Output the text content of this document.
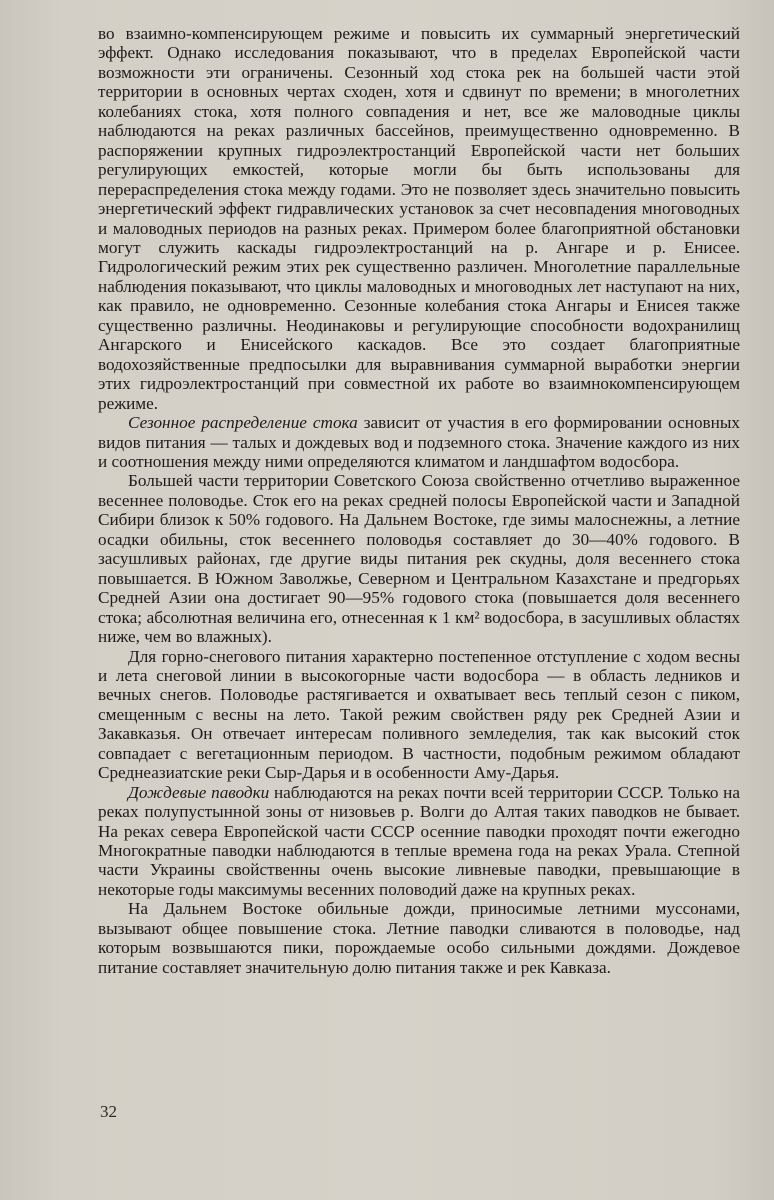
во взаимно-компенсирующем режиме и повысить их суммарный энергетический эффект. Однако исследования показывают, что в пределах Европейской части возможности эти ограничены. Сезонный ход стока рек на большей части этой территории в основных чертах сходен, хотя и сдвинут по времени; в многолетних колебаниях стока, хотя полного совпадения и нет, все же маловодные циклы наблюдаются на реках различных бассейнов, преимущественно одновременно. В распоряжении крупных гидроэлектростанций Европейской части нет больших регулирующих емкостей, которые могли бы быть использованы для перераспределения стока между годами. Это не позволяет здесь значительно повысить энергетический эффект гидравлических установок за счет несовпадения многоводных и маловодных периодов на разных реках. Примером более благоприятной обстановки могут служить каскады гидроэлектростанций на р. Ангаре и р. Енисее. Гидрологический режим этих рек существенно различен. Многолетние параллельные наблюдения показывают, что циклы маловодных и многоводных лет наступают на них, как правило, не одновременно. Сезонные колебания стока Ангары и Енисея также существенно различны. Неодинаковы и регулирующие способности водохранилищ Ангарского и Енисейского каскадов. Все это создает благоприятные водохозяйственные предпосылки для выравнивания суммарной выработки энергии этих гидроэлектростанций при совместной их работе во взаимнокомпенсирующем режиме.

Сезонное распределение стока зависит от участия в его формировании основных видов питания — талых и дождевых вод и подземного стока. Значение каждого из них и соотношения между ними определяются климатом и ландшафтом водосбора.

Большей части территории Советского Союза свойственно отчетливо выраженное весеннее половодье. Сток его на реках средней полосы Европейской части и Западной Сибири близок к 50% годового. На Дальнем Востоке, где зимы малоснежны, а летние осадки обильны, сток весеннего половодья составляет до 30—40% годового. В засушливых районах, где другие виды питания рек скудны, доля весеннего стока повышается. В Южном Заволжье, Северном и Центральном Казахстане и предгорьях Средней Азии она достигает 90—95% годового стока (повышается доля весеннего стока; абсолютная величина его, отнесенная к 1 км² водосбора, в засушливых областях ниже, чем во влажных).

Для горно-снегового питания характерно постепенное отступление с ходом весны и лета снеговой линии в высокогорные части водосбора — в область ледников и вечных снегов. Половодье растягивается и охватывает весь теплый сезон с пиком, смещенным с весны на лето. Такой режим свойствен ряду рек Средней Азии и Закавказья. Он отвечает интересам поливного земледелия, так как высокий сток совпадает с вегетационным периодом. В частности, подобным режимом обладают Среднеазиатские реки Сыр-Дарья и в особенности Аму-Дарья.

Дождевые паводки наблюдаются на реках почти всей территории СССР. Только на реках полупустынной зоны от низовьев р. Волги до Алтая таких паводков не бывает. На реках севера Европейской части СССР осенние паводки проходят почти ежегодно Многократные паводки наблюдаются в теплые времена года на реках Урала. Степной части Украины свойственны очень высокие ливневые паводки, превышающие в некоторые годы максимумы весенних половодий даже на крупных реках.

На Дальнем Востоке обильные дожди, приносимые летними муссонами, вызывают общее повышение стока. Летние паводки сливаются в половодье, над которым возвышаются пики, порождаемые особо сильными дождями. Дождевое питание составляет значительную долю питания также и рек Кавказа.

32
